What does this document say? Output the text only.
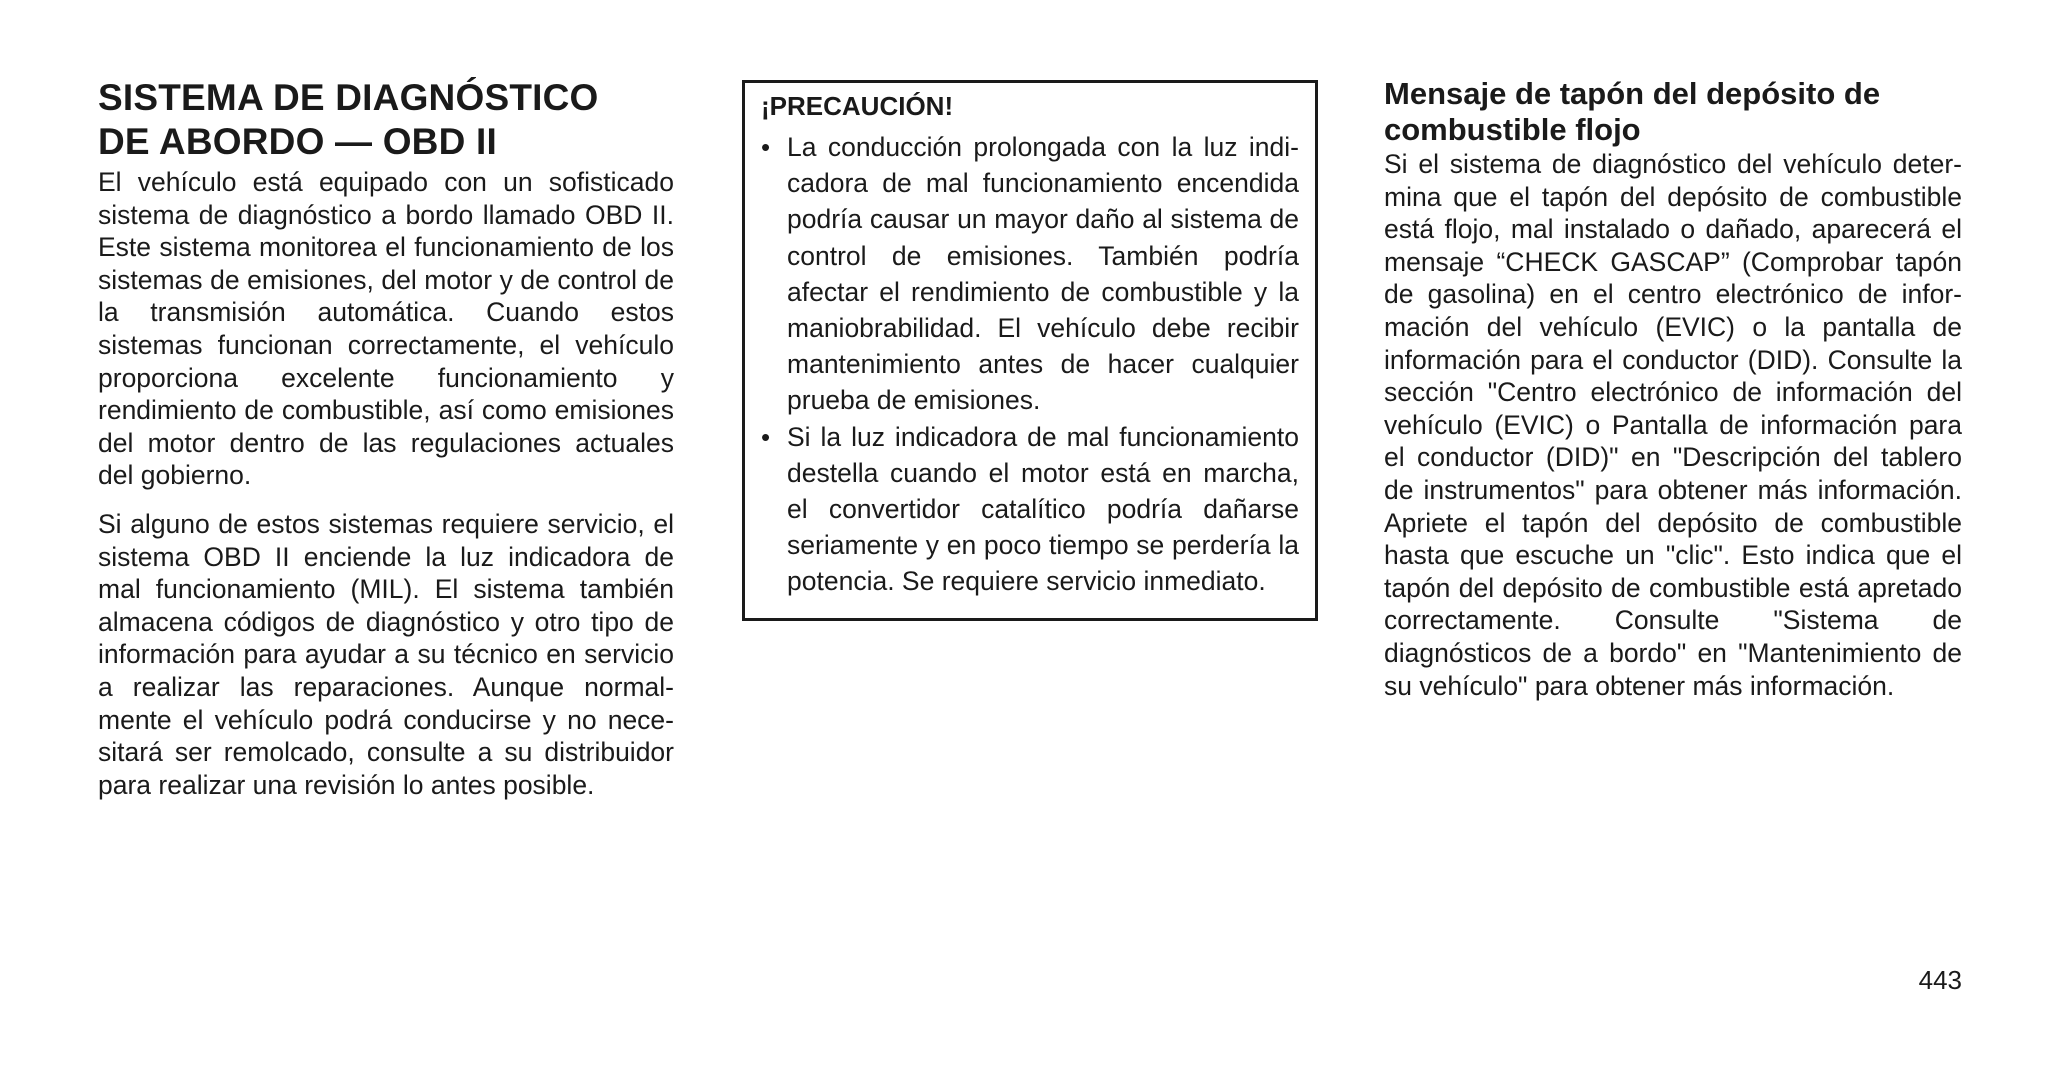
SISTEMA DE DIAGNÓSTICO
DE ABORDO — OBD II

El vehículo está equipado con un sofisticado sistema de diagnóstico a bordo llamado OBD II. Este sistema monitorea el funcionamiento de los sistemas de emisiones, del motor y de control de la transmisión automática. Cuando estos sistemas funcionan correctamente, el vehículo proporciona excelente funcionamiento y rendimiento de combustible, así como emisiones del motor dentro de las regulaciones actuales del gobierno.

Si alguno de estos sistemas requiere servicio, el sistema OBD II enciende la luz indicadora de mal funcionamiento (MIL). El sistema también almacena códigos de diagnóstico y otro tipo de información para ayudar a su técnico en servicio a realizar las reparaciones. Aunque normalmente el vehículo podrá conducirse y no necesitará ser remolcado, consulte a su distribuidor para realizar una revisión lo antes posible.

¡PRECAUCIÓN!
• La conducción prolongada con la luz indicadora de mal funcionamiento encendida podría causar un mayor daño al sistema de control de emisiones. También podría afectar el rendimiento de combustible y la maniobrabilidad. El vehículo debe recibir mantenimiento antes de hacer cualquier prueba de emisiones.
• Si la luz indicadora de mal funcionamiento destella cuando el motor está en marcha, el convertidor catalítico podría dañarse seriamente y en poco tiempo se perdería la potencia. Se requiere servicio inmediato.
Mensaje de tapón del depósito de
combustible flojo

Si el sistema de diagnóstico del vehículo determina que el tapón del depósito de combustible está flojo, mal instalado o dañado, aparecerá el mensaje “CHECK GASCAP” (Comprobar tapón de gasolina) en el centro electrónico de información del vehículo (EVIC) o la pantalla de información para el conductor (DID). Consulte la sección "Centro electrónico de información del vehículo (EVIC) o Pantalla de información para el conductor (DID)" en "Descripción del tablero de instrumentos" para obtener más información. Apriete el tapón del depósito de combustible hasta que escuche un "clic". Esto indica que el tapón del depósito de combustible está apretado correctamente. Consulte "Sistema de diagnósticos de a bordo" en "Mantenimiento de su vehículo" para obtener más información.

443
